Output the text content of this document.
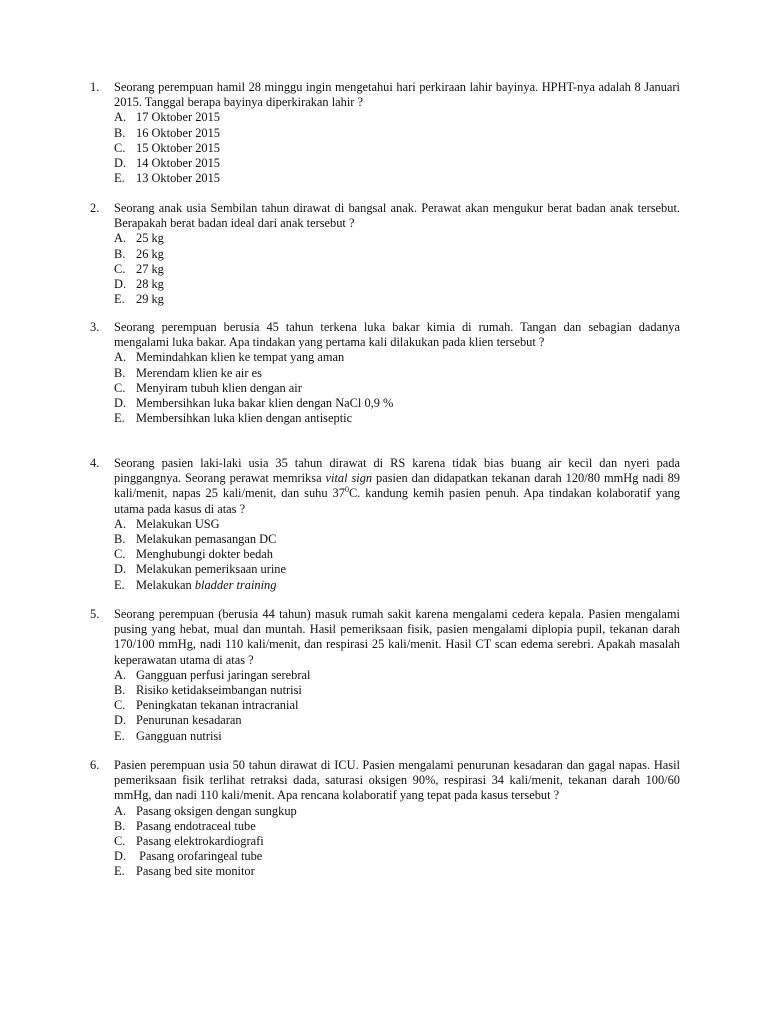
1.	Seorang perempuan hamil 28 minggu ingin mengetahui hari perkiraan lahir bayinya. HPHT-nya adalah 8 Januari 2015. Tanggal berapa bayinya diperkirakan lahir ?
A. 17 Oktober 2015
B. 16 Oktober 2015
C. 15 Oktober 2015
D. 14 Oktober 2015
E. 13 Oktober 2015
2.	Seorang anak usia Sembilan tahun dirawat di bangsal anak. Perawat akan mengukur berat badan anak tersebut. Berapakah berat badan ideal dari anak tersebut ?
A. 25 kg
B. 26 kg
C. 27 kg
D. 28 kg
E. 29 kg
3.	Seorang perempuan berusia 45 tahun terkena luka bakar kimia di rumah. Tangan dan sebagian dadanya mengalami luka bakar. Apa tindakan yang pertama kali dilakukan pada klien tersebut ?
A. Memindahkan klien ke tempat yang aman
B. Merendam klien ke air es
C. Menyiram tubuh klien dengan air
D. Membersihkan luka bakar klien dengan NaCl 0,9 %
E. Membersihkan luka klien dengan antiseptic
4.	Seorang pasien laki-laki usia 35 tahun dirawat di RS karena tidak bias buang air kecil dan nyeri pada pinggangnya. Seorang perawat memriksa vital sign pasien dan didapatkan tekanan darah 120/80 mmHg nadi 89 kali/menit, napas 25 kali/menit, dan suhu $37^0C$. kandung kemih pasien penuh. Apa tindakan kolaboratif yang utama pada kasus di atas ?
A. Melakukan USG
B. Melakukan pemasangan DC
C. Menghubungi dokter bedah
D. Melakukan pemeriksaan urine
E. Melakukan bladder training
5.	Seorang perempuan (berusia 44 tahun) masuk rumah sakit karena mengalami cedera kepala. Pasien mengalami pusing yang hebat, mual dan muntah. Hasil pemeriksaan fisik, pasien mengalami diplopia pupil, tekanan darah 170/100 mmHg, nadi 110 kali/menit, dan respirasi 25 kali/menit. Hasil CT scan edema serebri. Apakah masalah keperawatan utama di atas ?
A. Gangguan perfusi jaringan serebral
B. Risiko ketidakseimbangan nutrisi
C. Peningkatan tekanan intracranial
D. Penurunan kesadaran
E. Gangguan nutrisi
6.	Pasien perempuan usia 50 tahun dirawat di ICU. Pasien mengalami penurunan kesadaran dan gagal napas. Hasil pemeriksaan fisik terlihat retraksi dada, saturasi oksigen 90%, respirasi 34 kali/menit, tekanan darah 100/60 mmHg, dan nadi 110 kali/menit. Apa rencana kolaboratif yang tepat pada kasus tersebut ?
A. Pasang oksigen dengan sungkup
B. Pasang endotraceal tube
C. Pasang elektrokardiografi
D. Pasang orofaringeal tube
E. Pasang bed site monitor
